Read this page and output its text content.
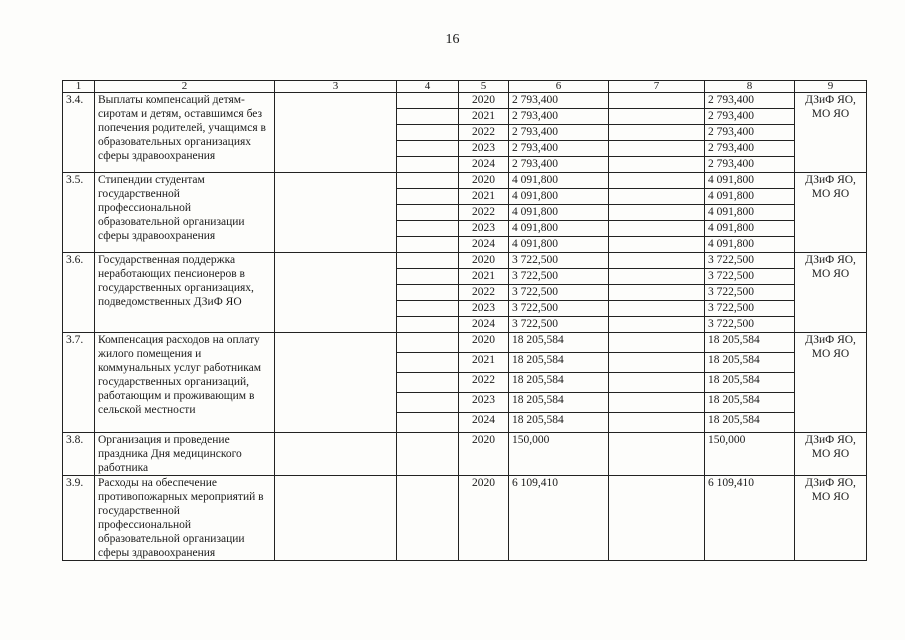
16
1	2	3	4	5	6	7	8	9
3.4.	Выплаты компенсаций детям-сиротам и детям, оставшимся без попечения родителей, учащимся в образовательных организациях сферы здравоохранения			2020	2 793,400		2 793,400	ДЗиФ ЯО, МО ЯО
				2021	2 793,400		2 793,400	
				2022	2 793,400		2 793,400	
				2023	2 793,400		2 793,400	
				2024	2 793,400		2 793,400	
3.5.	Стипендии студентам государственной профессиональной образовательной организации сферы здравоохранения			2020	4 091,800		4 091,800	ДЗиФ ЯО, МО ЯО
				2021	4 091,800		4 091,800	
				2022	4 091,800		4 091,800	
				2023	4 091,800		4 091,800	
				2024	4 091,800		4 091,800	
3.6.	Государственная поддержка неработающих пенсионеров в государственных организациях, подведомственных ДЗиФ ЯО			2020	3 722,500		3 722,500	ДЗиФ ЯО, МО ЯО
				2021	3 722,500		3 722,500	
				2022	3 722,500		3 722,500	
				2023	3 722,500		3 722,500	
				2024	3 722,500		3 722,500	
3.7.	Компенсация расходов на оплату жилого помещения и коммунальных услуг работникам государственных организаций, работающим и проживающим в сельской местности			2020	18 205,584		18 205,584	ДЗиФ ЯО, МО ЯО
				2021	18 205,584		18 205,584	
				2022	18 205,584		18 205,584	
				2023	18 205,584		18 205,584	
				2024	18 205,584		18 205,584	
3.8.	Организация и проведение праздника Дня медицинского работника			2020	150,000		150,000	ДЗиФ ЯО, МО ЯО
3.9.	Расходы на обеспечение противопожарных мероприятий в государственной профессиональной образовательной организации сферы здравоохранения			2020	6 109,410		6 109,410	ДЗиФ ЯО, МО ЯО
